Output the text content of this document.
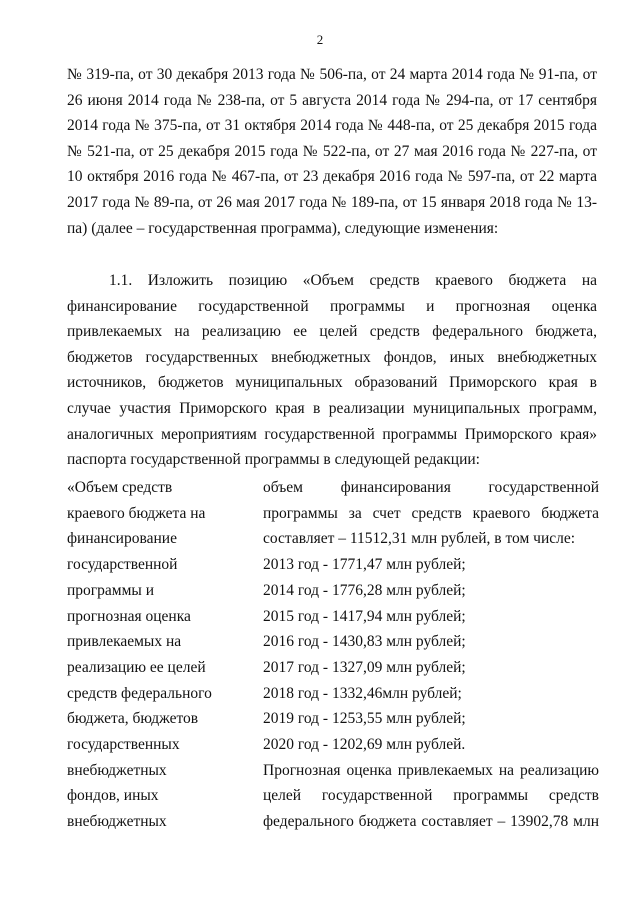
2
№ 319-па, от 30 декабря 2013 года № 506-па, от 24 марта 2014 года № 91-па, от 26 июня 2014 года № 238-па, от 5 августа 2014 года № 294-па, от 17 сентября 2014 года № 375-па, от 31 октября 2014 года № 448-па, от 25 декабря 2015 года № 521-па, от 25 декабря 2015 года № 522-па, от 27 мая 2016 года № 227-па, от 10 октября 2016 года № 467-па, от 23 декабря 2016 года № 597-па, от 22 марта 2017 года № 89-па, от 26 мая 2017 года № 189-па, от 15 января 2018 года № 13-па) (далее – государственная программа), следующие изменения:
1.1. Изложить позицию «Объем средств краевого бюджета на финансирование государственной программы и прогнозная оценка привлекаемых на реализацию ее целей средств федерального бюджета, бюджетов государственных внебюджетных фондов, иных внебюджетных источников, бюджетов муниципальных образований Приморского края в случае участия Приморского края в реализации муниципальных программ, аналогичных мероприятиям государственной программы Приморского края» паспорта государственной программы в следующей редакции:
«Объем средств
краевого бюджета на
финансирование
государственной
программы и
прогнозная оценка
привлекаемых на
реализацию ее целей
средств федерального
бюджета, бюджетов
государственных
внебюджетных
фондов, иных
внебюджетных
объем финансирования государственной
программы за счет средств краевого бюджета
составляет – 11512,31 млн рублей, в том числе:
2013 год - 1771,47 млн рублей;
2014 год - 1776,28 млн рублей;
2015 год - 1417,94 млн рублей;
2016 год - 1430,83 млн рублей;
2017 год - 1327,09 млн рублей;
2018 год - 1332,46млн рублей;
2019 год - 1253,55 млн рублей;
2020 год - 1202,69 млн рублей.
Прогнозная оценка привлекаемых на реализацию
целей государственной программы средств
федерального бюджета составляет – 13902,78 млн
